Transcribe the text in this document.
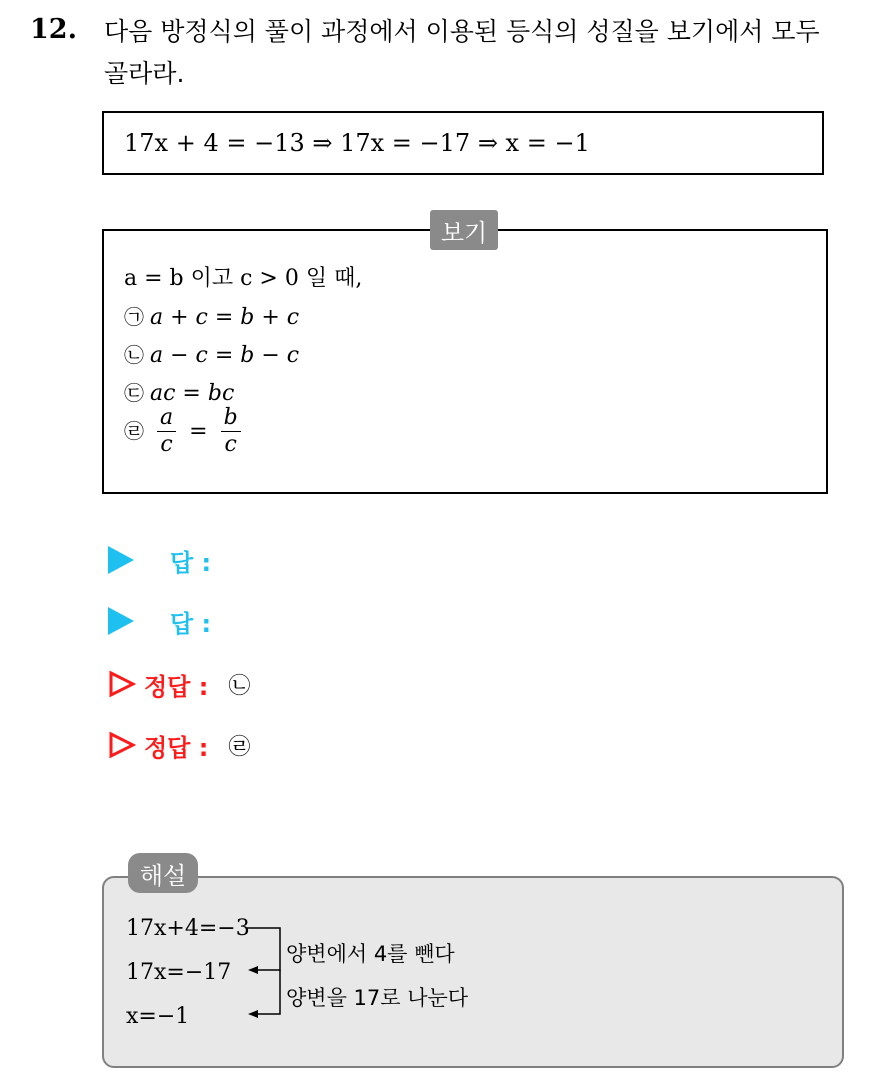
12. 다음 방정식의 풀이 과정에서 이용된 등식의 성질을 보기에서 모두
골라라.
17x + 4 = −13 ⇒ 17x = −17 ⇒ x = −1
a = b 이고 c > 0 일 때,
㉠ a + c = b + c
㉡ a − c = b − c
㉢ ac = bc
㉣ $\frac{a}{c} = \frac{b}{c}$
보기
답 :
답 :
정답 : ㉡
정답 : ㉣
17x+4=−3
17x=−17
x=−1
양변에서 4를 뺀다
양변을 17로 나눈다
해설
